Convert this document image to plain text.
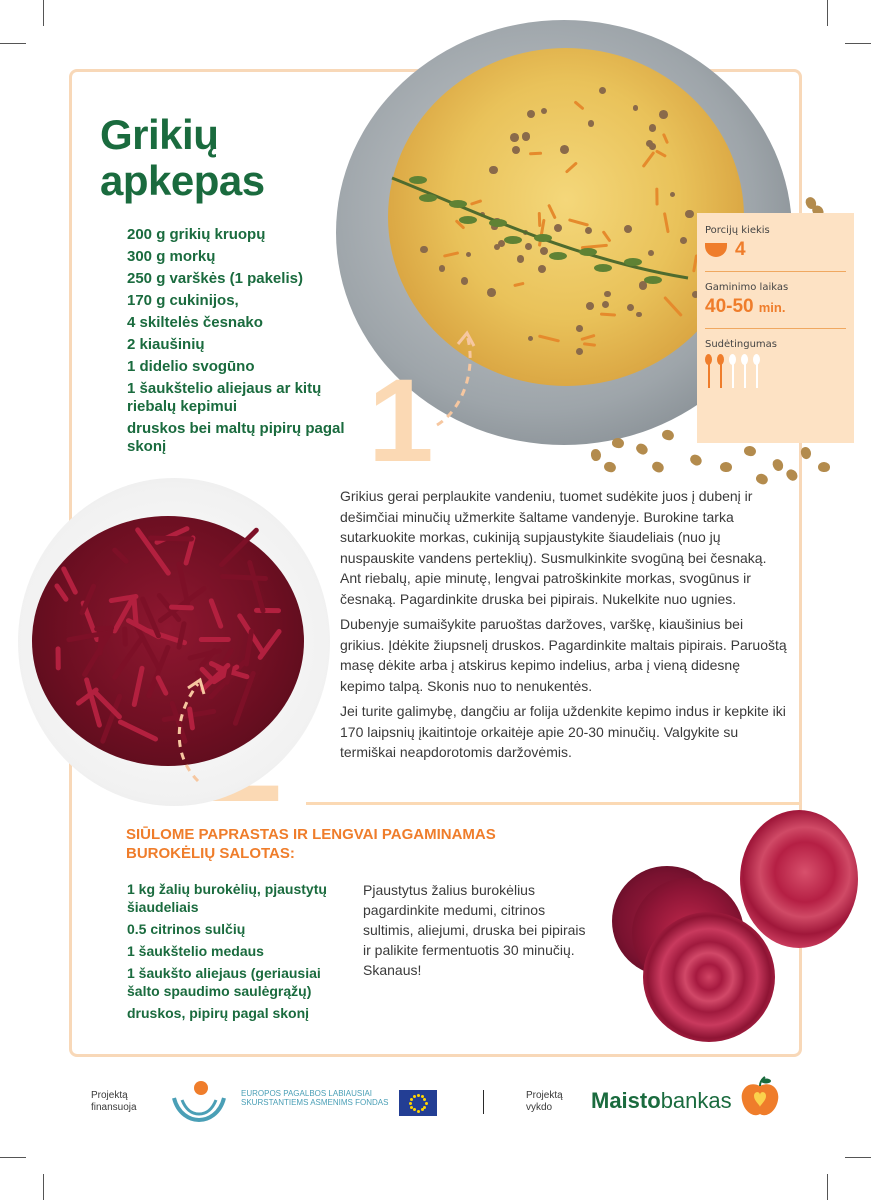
Grikių apkepas
200 g grikių kruopų
300 g morkų
250 g varškės (1 pakelis)
170 g cukinijos,
4 skiltelės česnako
2 kiaušinių
1 didelio svogūno
1 šaukštelio aliejaus ar kitų riebalų kepimui
druskos bei maltų pipirų pagal skonį
Porcijų kiekis
4
Gaminimo laikas
40-50 min.
Sudėtingumas
1

Grikius gerai perplaukite vandeniu, tuomet sudėkite juos į dubenį ir dešimčiai minučių užmerkite šaltame vandenyje. Burokine tarka sutarkuokite morkas, cukiniją supjaustykite šiaudeliais (nuo jų nuspauskite vandens perteklių). Susmulkinkite svogūną bei česnaką. Ant riebalų, apie minutę, lengvai patroškinkite morkas, svogūnus ir česnaką. Pagardinkite druska bei pipirais. Nukelkite nuo ugnies.

Dubenyje sumaišykite paruoštas daržoves, varškę, kiaušinius bei grikius. Įdėkite žiupsnelį druskos. Pagardinkite maltais pipirais. Paruoštą masę dėkite arba į atskirus kepimo indelius, arba į vieną didesnę kepimo talpą. Skonis nuo to nenukentės.

Jei turite galimybę, dangčiu ar folija uždenkite kepimo indus ir kepkite iki 170 laipsnių įkaitintoje orkaitėje apie 20-30 minučių. Valgykite su termiškai neapdorotomis daržovėmis.

SIŪLOME PAPRASTAS IR LENGVAI PAGAMINAMAS BUROKĖLIŲ SALOTAS:
1 kg žalių burokėlių, pjaustytų šiaudeliais
0.5 citrinos sulčių
1 šaukštelio medaus
1 šaukšto aliejaus (geriausiai šalto spaudimo saulėgrąžų)
druskos, pipirų pagal skonį

Pjaustytus žalius burokėlius pagardinkite medumi, citrinos sultimis, aliejumi, druska bei pipirais ir palikite fermentuotis 30 minučių. Skanaus!

Projektą finansuoja
EUROPOS PAGALBOS LABIAUSIAI SKURSTANTIEMS ASMENIMS FONDAS
Projektą vykdo	Maistobankas
